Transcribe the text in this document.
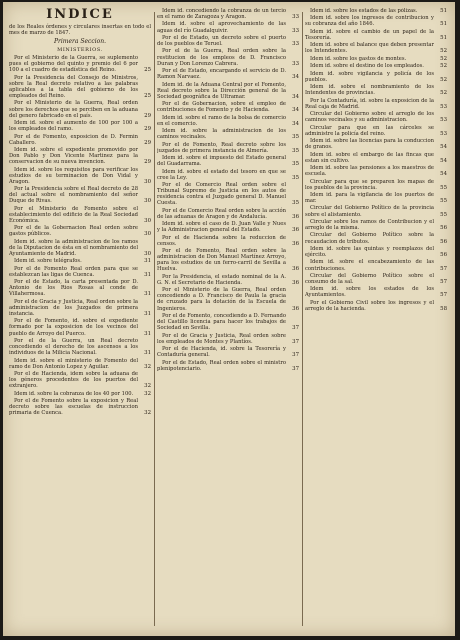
INDICE
de los Reales órdenes y circulares insertas en todo el mes de marzo de 1847.
Primera Seccion.
MINISTERIOS.
Por el Ministerio de la Guerra, se suplemento pues el gobierno del quinto y premio del 6 por 100 a el cuadro de estadística del Reino.	25
Por la Presidencia del Consejo de Ministros, sobre la Real decreto relativo a las palabras aplicables a la tabla del gobierno de los empleados del Reino.	25
Por el Ministerio de la Guerra, Real orden sobre los derechos que se perciben en la aduana del genero fabricado en el país.	29
Idem id. sobre el aumento de 100 por 100 a los empleados del ramo.	29
Por el de Fomento, exposicion de D. Fermin Caballero.	29
Idem id. sobre el expediente promovido por Don Pablo y Don Vicente Martinez para la conservacion de su nueva invencion.	29
Idem id. sobre los requisitos para verificar los estudios de su terminacion de Don Vidal y Aragon.	30
Por la Presidencia sobre el Real decreto de 28 del actual sobre el nombramiento del señor Duque de Rivas.	30
Por el Ministerio de Fomento sobre el establecimiento del edificio de la Real Sociedad Económica.	30
Por el de la Gobernacion Real orden sobre gastos públicos.	30
Idem id. sobre la administracion de los ramos de la Diputacion de ésta en el nombramiento del Ayuntamiento de Madrid.	30
Idem id. sobre telégrafos.	31
Por el de Fomento Real orden para que se establezcan las ligas de Cuenca.	31
Por el de Estado, la carta presentada por D. Antonio de los Rios Rosas al conde de Villahermosa.	31
Por el de Gracia y Justicia, Real orden sobre la administracion de los Juzgados de primera instancia.	31
Por el de Fomento, id. sobre el expediente formado por la exposicion de los vecinos del pueblo de Arroyo del Puerco.	31
Por el de la Guerra, un Real decreto concediendo el derecho de los ascensos a los individuos de la Milicia Nacional.	31
Idem id. sobre el ministerio de Fomento del ramo de Don Antonio Lopez y Aguilar.	32
Por el de Hacienda, idem sobre la aduana de los géneros procedentes de los puertos del extranjero.	32
Idem id. sobre la cobranza de los 40 por 100.	32
Por el de Fomento sobre la exposicion y Real decreto sobre las escuelas de instruccion primaria de Cuenca.	32
Idem id. concediendo la cobranza de un tercio en el ramo de Zaragoza y Aragon.	33
Idem id. sobre el aprovechamiento de las aguas del río Guadalquivir.	33
Por el de Estado, un decreto sobre el puerto de los pueblos de Teruel.	33
Por el de la Guerra, Real orden sobre la restitucion de los empleos de D. Francisco Duran y Don Lorenzo Cabrera.	33
Por el de Estado, encargando el servicio de D. Ramon Narvaez.	34
Idem id. de la Aduana Central por el Fomento, Real decreto sobre la Dirección general de la Sociedad geográfica de Ultramar.	34
Por el de Gobernacion, sobre el empleo de contribuciones de Fomento y de Hacienda.	34
Idem id. sobre el ramo de la bolsa de comercio en el comercio.	34
Idem id. sobre la administracion de los caminos vecinales.	35
Por el de Fomento, Real decreto sobre los juzgados de primera instancia de Almería.	35
Idem id. sobre el impuesto del Estado general del Guadarrama.	35
Idem id. sobre el estado del tesoro en que se cree la Ley.	35
Por el de Comercio Real orden sobre el Tribunal Supremo de Justicia en los autos de residencia contra el Juzgado general D. Manuel Cuesta.	35
Por el de Comercio Real orden sobre la acción de las aduanas de Aragon y de Andalucía.	36
Idem id. sobre el caso de D. Juan Valle y Nues y la Administracion general del Estado.	36
Por el de Hacienda sobre la reduccion de censos.	36
Por el de Fomento, Real orden sobre la administracion de Don Manuel Martínez Arroyo, para los estudios de un ferro-carril de Sevilla a Huelva.	36
Por la Presidencia, el estado nominal de la A. G. N. el Secretario de Hacienda.	36
Por el Ministerio de la Guerra, Real orden concediendo a D. Francisco de Paula la gracia de cruzado para la dotación de la Escuela de Ingenieros.	36
Por el de Fomento, concediendo a D. Fernando del Castillo licencia para hacer los trabajos de Sociedad en Sevilla.	37
Por el de Gracia y Justicia, Real orden sobre los empleados de Montes y Plantíos.	37
Por el de Hacienda, id. sobre la Tesorería y Contaduría general.	37
Por el de Estado, Real orden sobre el ministro plenipotenciario.	37
Idem id. sobre los estados de las pólizas.	51
Idem id. sobre los ingresos de contribucion y su cobranza del año 1846.	51
Idem id. sobre el cambio de un papel de la Tesorería.	51
Idem id. sobre el balance que deben presentar los Intendentes.	52
Idem id. sobre los gastos de montes.	52
Idem id. sobre el destino de los empleados.	52
Idem id. sobre vigilancia y policía de los pueblos.	52
Idem id. sobre el nombramiento de los Intendentes de provincias.	52
Por la Contaduría, id. sobre la exposicion de la Real caja de Madrid.	53
Circular del Gobierno sobre el arreglo de los caminos vecinales y su administracion.	53
Circular para que en las cárceles se administre la policía del reino.	53
Idem id. sobre las licencias para la conduccion de granos.	54
Idem id. sobre el embargo de las fincas que estan sin cultivo.	54
Idem id. sobre las pensiones a los maestros de escuela.	54
Circular para que se preparen los mapas de los pueblos de la provincia.	55
Idem id. para la vigilancia de los puertos de mar.	55
Circular del Gobierno Político de la provincia sobre el alistamiento.	55
Circular sobre los ramos de Contribucion y el arreglo de la misma.	56
Circular del Gobierno Político sobre la recaudacion de tributos.	56
Idem id. sobre las quintas y reemplazos del ejército.	56
Idem id. sobre el encabezamiento de las contribuciones.	57
Circular del Gobierno Político sobre el consumo de la sal.	57
Idem id. sobre los estados de los Ayuntamientos.	57
Por el Gobierno Civil sobre los ingresos y el arreglo de la hacienda.	58
